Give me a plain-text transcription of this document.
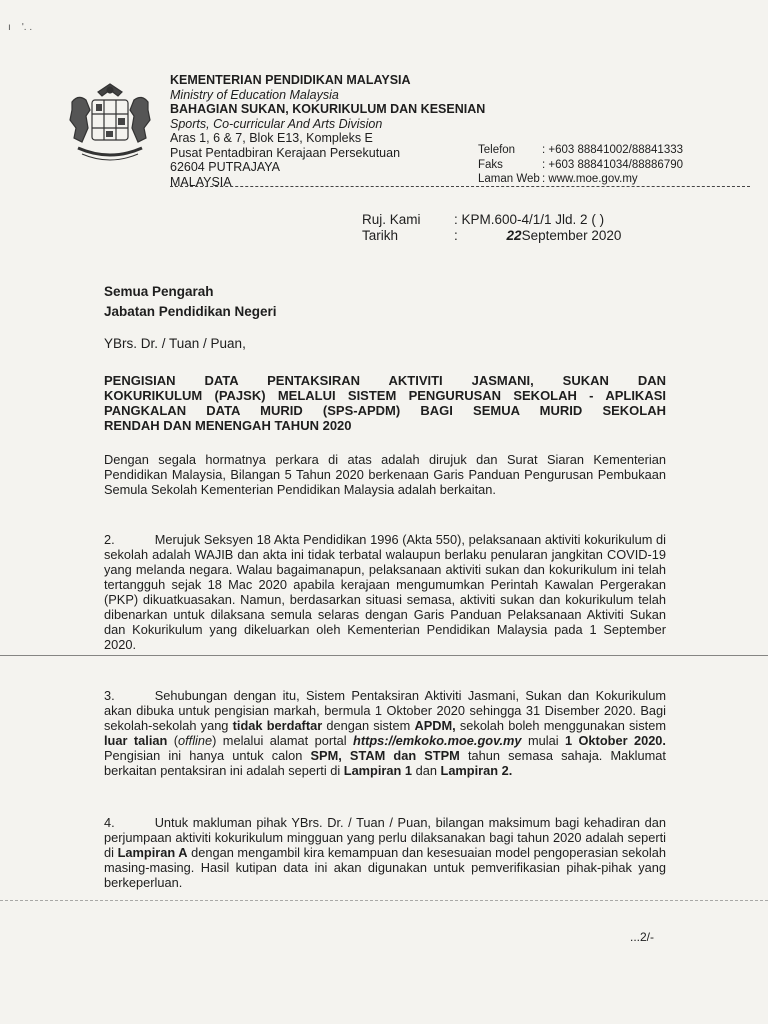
ı    '. .
KEMENTERIAN PENDIDIKAN MALAYSIA
Ministry of Education Malaysia
BAHAGIAN SUKAN, KOKURIKULUM DAN KESENIAN
Sports, Co-curricular And Arts Division
Aras 1, 6 & 7, Blok E13, Kompleks E
Pusat Pentadbiran Kerajaan Persekutuan
62604 PUTRAJAYA
MALAYSIA
Telefon : +603 88841002/88841333
Faks	: +603 88841034/88886790
Laman Web : www.moe.gov.my
Ruj. Kami : KPM.600-4/1/1 Jld. 2 ( )
Tarikh	:	22September 2020
Semua Pengarah
Jabatan Pendidikan Negeri
YBrs. Dr. / Tuan / Puan,
PENGISIAN DATA PENTAKSIRAN AKTIVITI JASMANI, SUKAN DAN
KOKURIKULUM (PAJSK) MELALUI SISTEM PENGURUSAN SEKOLAH - APLIKASI
PANGKALAN DATA MURID (SPS-APDM) BAGI SEMUA MURID SEKOLAH
RENDAH DAN MENENGAH TAHUN 2020
Dengan segala hormatnya perkara di atas adalah dirujuk dan Surat Siaran Kementerian Pendidikan Malaysia, Bilangan 5 Tahun 2020 berkenaan Garis Panduan Pengurusan Pembukaan Semula Sekolah Kementerian Pendidikan Malaysia adalah berkaitan.
2.	Merujuk Seksyen 18 Akta Pendidikan 1996 (Akta 550), pelaksanaan aktiviti kokurikulum di sekolah adalah WAJIB dan akta ini tidak terbatal walaupun berlaku penularan jangkitan COVID-19 yang melanda negara. Walau bagaimanapun, pelaksanaan aktiviti sukan dan kokurikulum ini telah tertangguh sejak 18 Mac 2020 apabila kerajaan mengumumkan Perintah Kawalan Pergerakan (PKP) dikuatkuasakan. Namun, berdasarkan situasi semasa, aktiviti sukan dan kokurikulum telah dibenarkan untuk dilaksana semula selaras dengan Garis Panduan Pelaksanaan Aktiviti Sukan dan Kokurikulum yang dikeluarkan oleh Kementerian Pendidikan Malaysia pada 1 September 2020.
3.	Sehubungan dengan itu, Sistem Pentaksiran Aktiviti Jasmani, Sukan dan Kokurikulum akan dibuka untuk pengisian markah, bermula 1 Oktober 2020 sehingga 31 Disember 2020. Bagi sekolah-sekolah yang tidak berdaftar dengan sistem APDM, sekolah boleh menggunakan sistem luar talian (offline) melalui alamat portal https://emkoko.moe.gov.my mulai 1 Oktober 2020. Pengisian ini hanya untuk calon SPM, STAM dan STPM tahun semasa sahaja. Maklumat berkaitan pentaksiran ini adalah seperti di Lampiran 1 dan Lampiran 2.
4.	Untuk makluman pihak YBrs. Dr. / Tuan / Puan, bilangan maksimum bagi kehadiran dan perjumpaan aktiviti kokurikulum mingguan yang perlu dilaksanakan bagi tahun 2020 adalah seperti di Lampiran A dengan mengambil kira kemampuan dan kesesuaian model pengoperasian sekolah masing-masing. Hasil kutipan data ini akan digunakan untuk pemverifikasian pihak-pihak yang berkeperluan.
...2/-
